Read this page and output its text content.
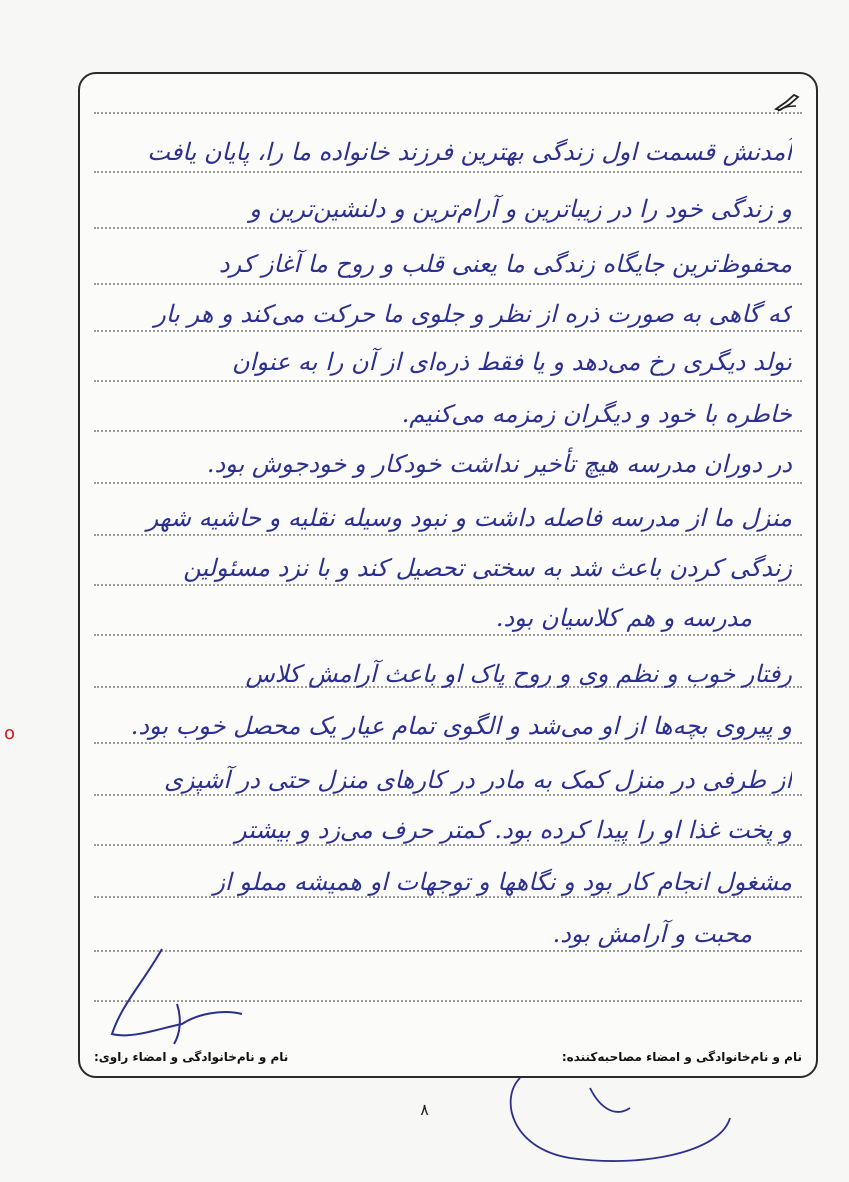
آمدنش قسمت اول زندگی بهترین فرزند خانواده ما را، پایان یافت
و زندگی خود را در زیباترین و آرام‌ترین و دلنشین‌ترین و
محفوظ‌ترین جایگاه زندگی ما یعنی قلب و روح ما آغاز کرد
که گاهی به صورت ذره از نظر و جلوی ما حرکت می‌کند و هر بار
تولد دیگری رخ می‌دهد و یا فقط ذره‌ای از آن را به عنوان
خاطره با خود و دیگران زمزمه می‌کنیم.
در دوران مدرسه هیچ تأخیر نداشت خودکار و خودجوش بود.
منزل ما از مدرسه فاصله داشت و نبود وسیله نقلیه و حاشیه شهر
زندگی کردن باعث شد به سختی تحصیل کند و با نزد مسئولین
مدرسه و هم کلاسیان بود.
رفتار خوب و نظم وی و روح پاک او باعث آرامش کلاس
و پیروی بچه‌ها از او می‌شد و الگوی تمام عیار یک محصل خوب بود.
از طرفی در منزل کمک به مادر در کارهای منزل حتی در آشپزی
و پخت غذا او را پیدا کرده بود. کمتر حرف می‌زد و بیشتر
مشغول انجام کار بود و نگاهها و توجهات او همیشه مملو از
محبت و آرامش بود.
نام و نام‌خانوادگی و امضاء مصاحبه‌کننده:
نام و نام‌خانوادگی و امضاء راوی:
o
۸
